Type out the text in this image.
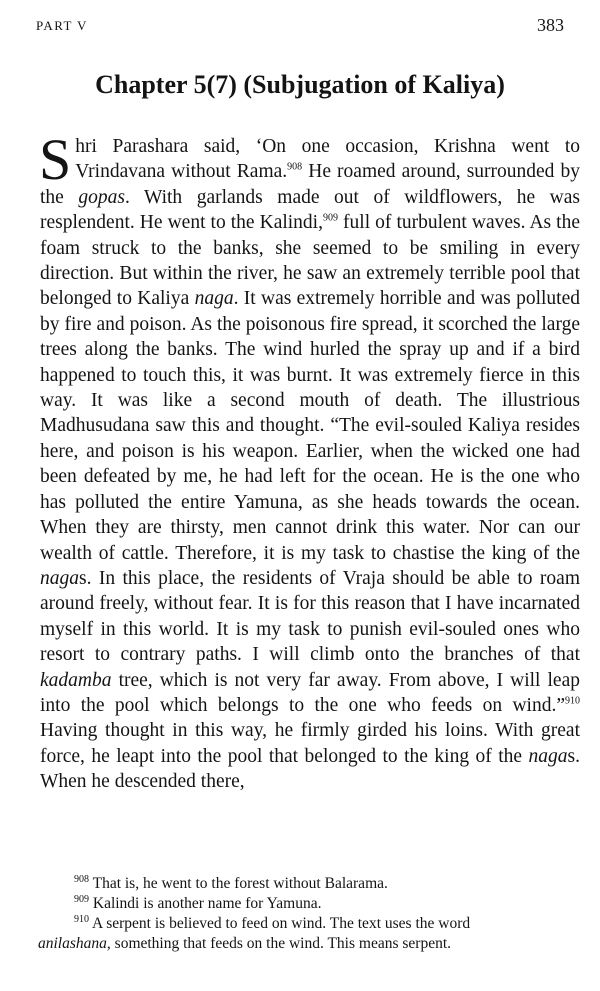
PART V	383
Chapter 5(7) (Subjugation of Kaliya)

Shri Parashara said, ‘On one occasion, Krishna went to Vrindavana without Rama.$^{908}$ He roamed around, surrounded by the gopas. With garlands made out of wildflowers, he was resplendent. He went to the Kalindi,$^{909}$ full of turbulent waves. As the foam struck to the banks, she seemed to be smiling in every direction. But within the river, he saw an extremely terrible pool that belonged to Kaliya naga. It was extremely horrible and was polluted by fire and poison. As the poisonous fire spread, it scorched the large trees along the banks. The wind hurled the spray up and if a bird happened to touch this, it was burnt. It was extremely fierce in this way. It was like a second mouth of death. The illustrious Madhusudana saw this and thought. “The evil-souled Kaliya resides here, and poison is his weapon. Earlier, when the wicked one had been defeated by me, he had left for the ocean. He is the one who has polluted the entire Yamuna, as she heads towards the ocean. When they are thirsty, men cannot drink this water. Nor can our wealth of cattle. Therefore, it is my task to chastise the king of the nagas. In this place, the residents of Vraja should be able to roam around freely, without fear. It is for this reason that I have incarnated myself in this world. It is my task to punish evil-souled ones who resort to contrary paths. I will climb onto the branches of that kadamba tree, which is not very far away. From above, I will leap into the pool which belongs to the one who feeds on wind.”$^{910}$ Having thought in this way, he firmly girded his loins. With great force, he leapt into the pool that belonged to the king of the nagas. When he descended there,

$^{908}$ That is, he went to the forest without Balarama.

$^{909}$ Kalindi is another name for Yamuna.

$^{910}$ A serpent is believed to feed on wind. The text uses the word

anilashana, something that feeds on the wind. This means serpent.
